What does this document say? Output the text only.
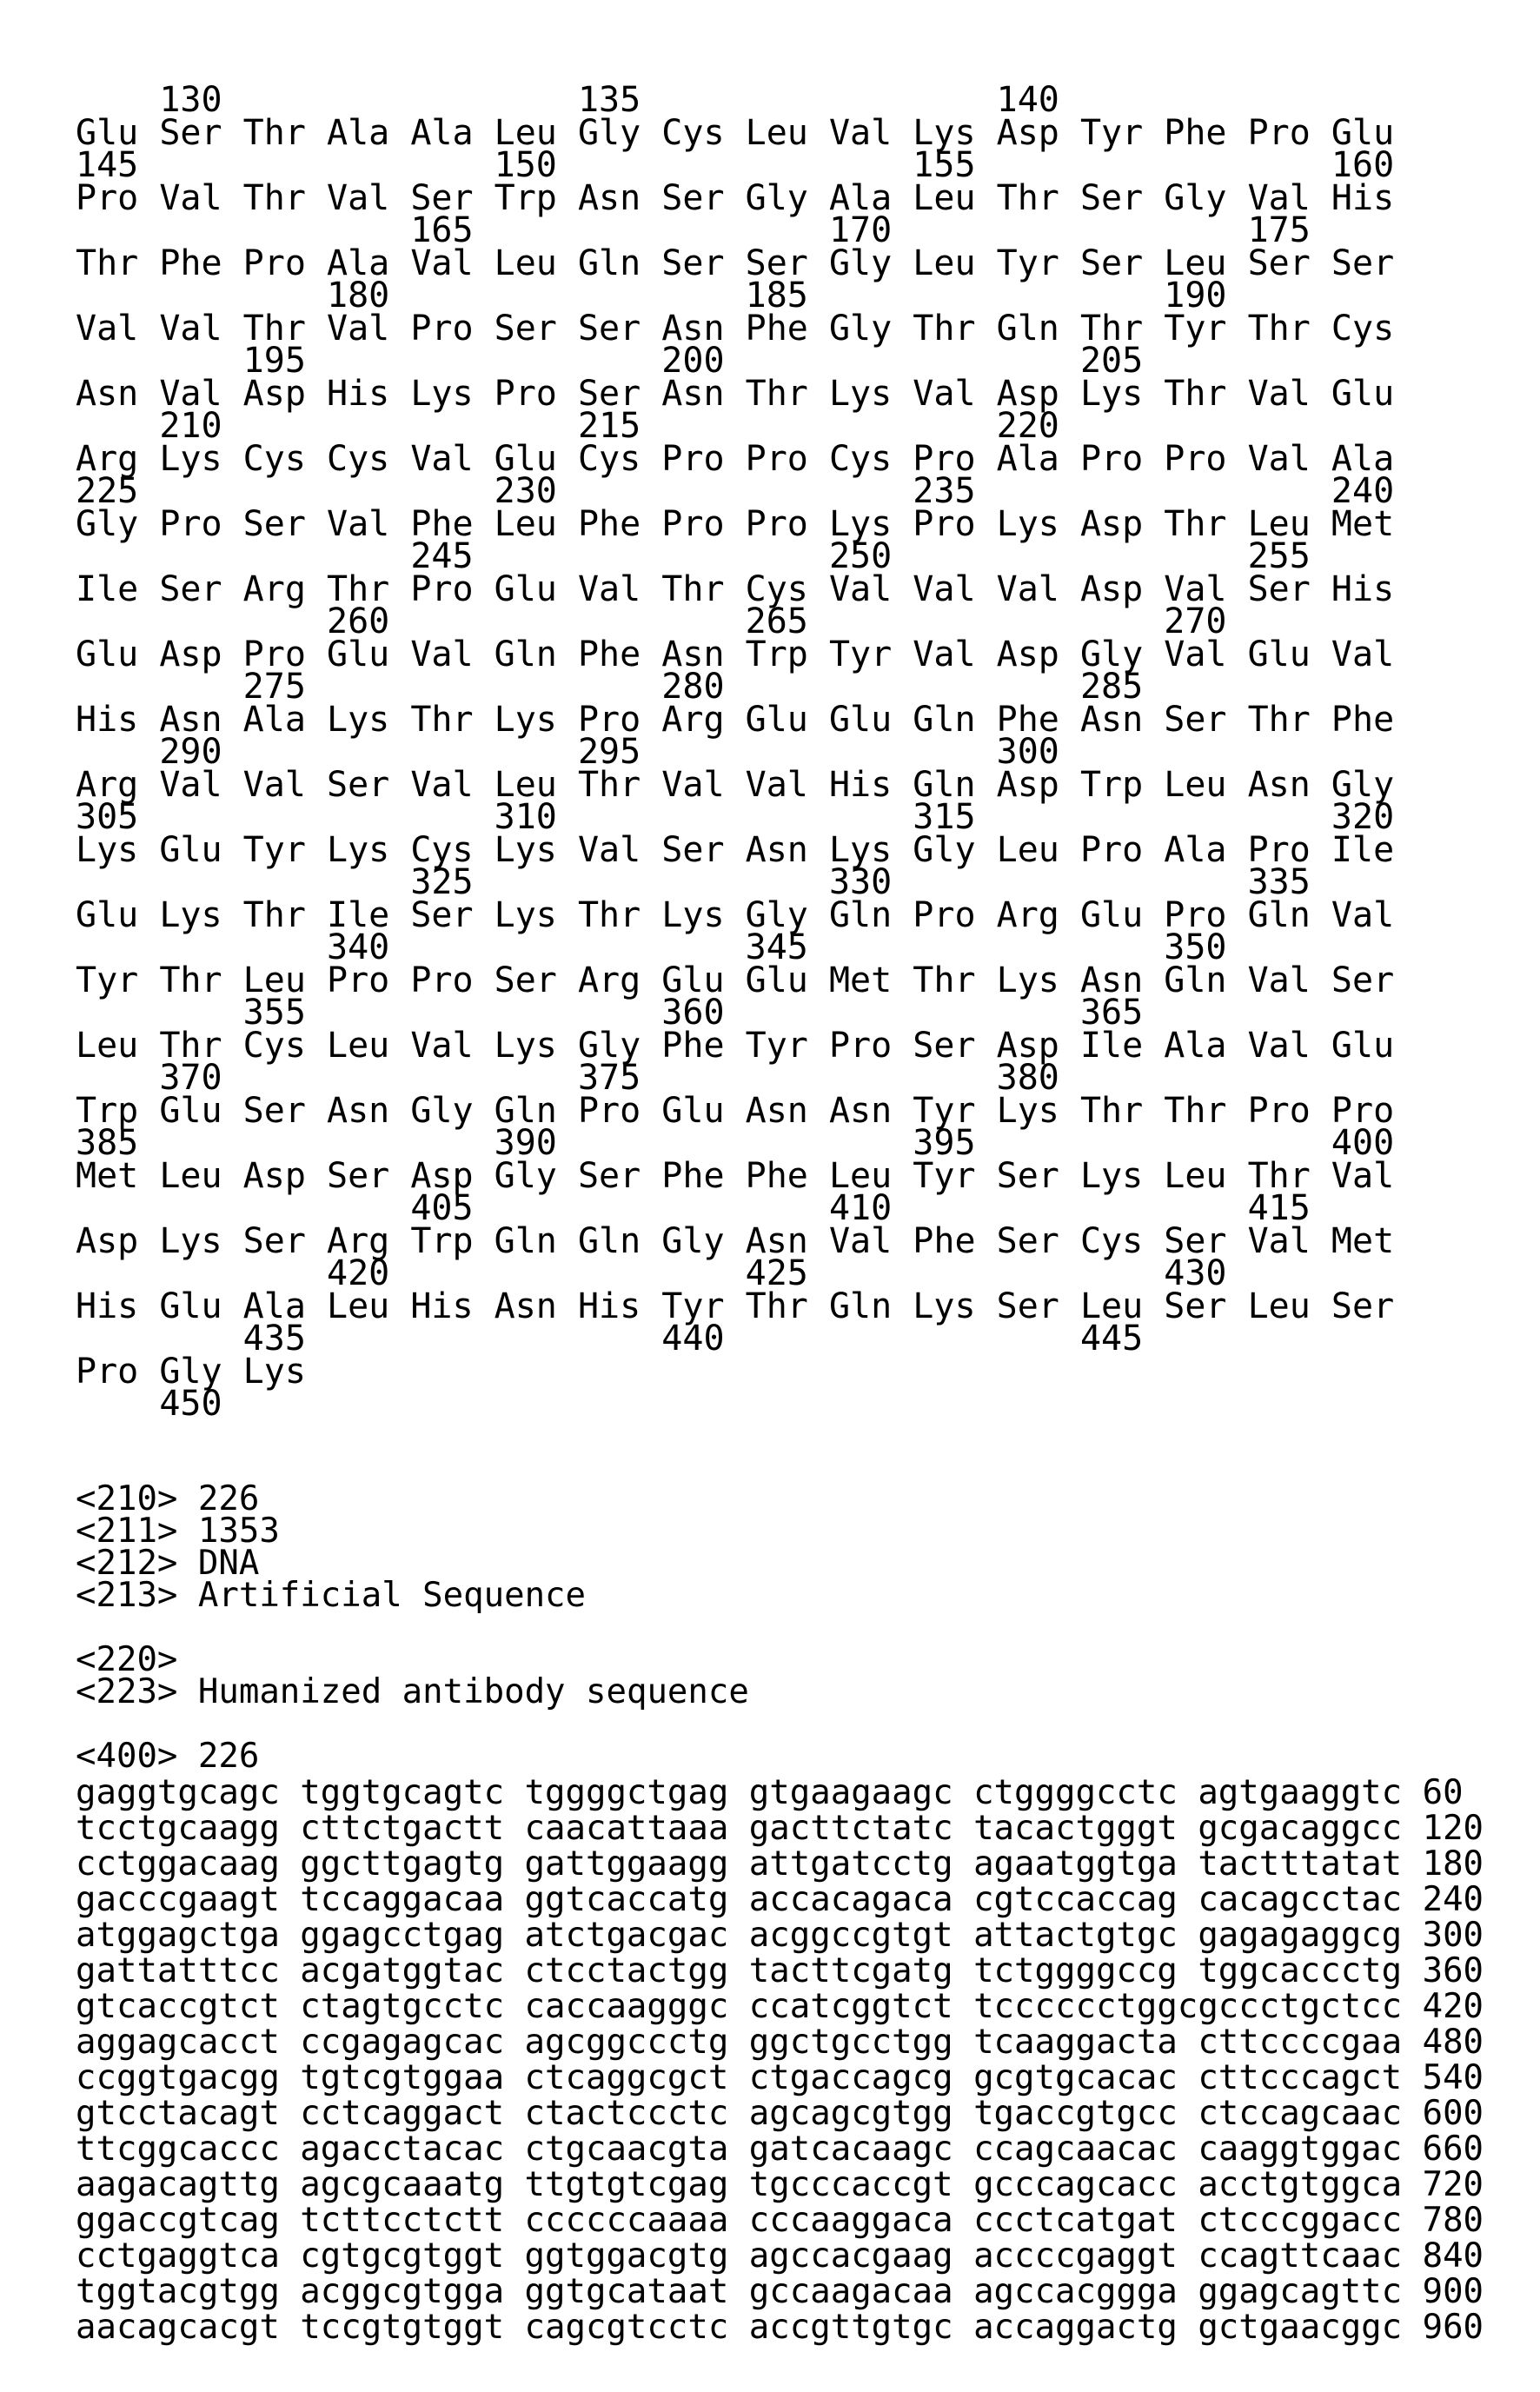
130	135	140
Glu Ser Thr Ala Ala Leu Gly Cys Leu Val Lys Asp Tyr Phe Pro Glu
145	150	155	160
Pro Val Thr Val Ser Trp Asn Ser Gly Ala Leu Thr Ser Gly Val His
165	170	175
Thr Phe Pro Ala Val Leu Gln Ser Ser Gly Leu Tyr Ser Leu Ser Ser
180	185	190
Val Val Thr Val Pro Ser Ser Asn Phe Gly Thr Gln Thr Tyr Thr Cys
195	200	205
Asn Val Asp His Lys Pro Ser Asn Thr Lys Val Asp Lys Thr Val Glu
210	215	220
Arg Lys Cys Cys Val Glu Cys Pro Pro Cys Pro Ala Pro Pro Val Ala
225	230	235	240
Gly Pro Ser Val Phe Leu Phe Pro Pro Lys Pro Lys Asp Thr Leu Met
245	250	255
Ile Ser Arg Thr Pro Glu Val Thr Cys Val Val Val Asp Val Ser His
260	265	270
Glu Asp Pro Glu Val Gln Phe Asn Trp Tyr Val Asp Gly Val Glu Val
275	280	285
His Asn Ala Lys Thr Lys Pro Arg Glu Glu Gln Phe Asn Ser Thr Phe
290	295	300
Arg Val Val Ser Val Leu Thr Val Val His Gln Asp Trp Leu Asn Gly
305	310	315	320
Lys Glu Tyr Lys Cys Lys Val Ser Asn Lys Gly Leu Pro Ala Pro Ile
325	330	335
Glu Lys Thr Ile Ser Lys Thr Lys Gly Gln Pro Arg Glu Pro Gln Val
340	345	350
Tyr Thr Leu Pro Pro Ser Arg Glu Glu Met Thr Lys Asn Gln Val Ser
355	360	365
Leu Thr Cys Leu Val Lys Gly Phe Tyr Pro Ser Asp Ile Ala Val Glu
370	375	380
Trp Glu Ser Asn Gly Gln Pro Glu Asn Asn Tyr Lys Thr Thr Pro Pro
385	390	395	400
Met Leu Asp Ser Asp Gly Ser Phe Phe Leu Tyr Ser Lys Leu Thr Val
405	410	415
Asp Lys Ser Arg Trp Gln Gln Gly Asn Val Phe Ser Cys Ser Val Met
420	425	430
His Glu Ala Leu His Asn His Tyr Thr Gln Lys Ser Leu Ser Leu Ser
435	440	445
Pro Gly Lys
450
<210> 226
<211> 1353
<212> DNA
<213> Artificial Sequence
<220>
<223> Humanized antibody sequence
<400> 226
gaggtgcagc tggtgcagtc tggggctgag gtgaagaagc ctggggcctc agtgaaggtc 60
tcctgcaagg cttctgactt caacattaaa gacttctatc tacactgggt gcgacaggcc 120
cctggacaag ggcttgagtg gattggaagg attgatcctg agaatggtga tactttatat 180
gacccgaagt tccaggacaa ggtcaccatg accacagaca cgtccaccag cacagcctac 240
atggagctga ggagcctgag atctgacgac acggccgtgt attactgtgc gagagaggcg 300
gattatttcc acgatggtac ctcctactgg tacttcgatg tctggggccg tggcaccctg 360
gtcaccgtct ctagtgcctc caccaagggc ccatcggtct tcccccctggcgccctgctcc 420
aggagcacct ccgagagcac agcggccctg ggctgcctgg tcaaggacta cttccccgaa 480
ccggtgacgg tgtcgtggaa ctcaggcgct ctgaccagcg gcgtgcacac cttcccagct 540
gtcctacagt cctcaggact ctactccctc agcagcgtgg tgaccgtgcc ctccagcaac 600
ttcggcaccc agacctacac ctgcaacgta gatcacaagc ccagcaacac caaggtggac 660
aagacagttg agcgcaaatg ttgtgtcgag tgcccaccgt gcccagcacc acctgtggca 720
ggaccgtcag tcttcctctt ccccccaaaa cccaaggaca ccctcatgat ctcccggacc 780
cctgaggtca cgtgcgtggt ggtggacgtg agccacgaag accccgaggt ccagttcaac 840
tggtacgtgg acggcgtgga ggtgcataat gccaagacaa agccacggga ggagcagttc 900
aacagcacgt tccgtgtggt cagcgtcctc accgttgtgc accaggactg gctgaacggc 960
